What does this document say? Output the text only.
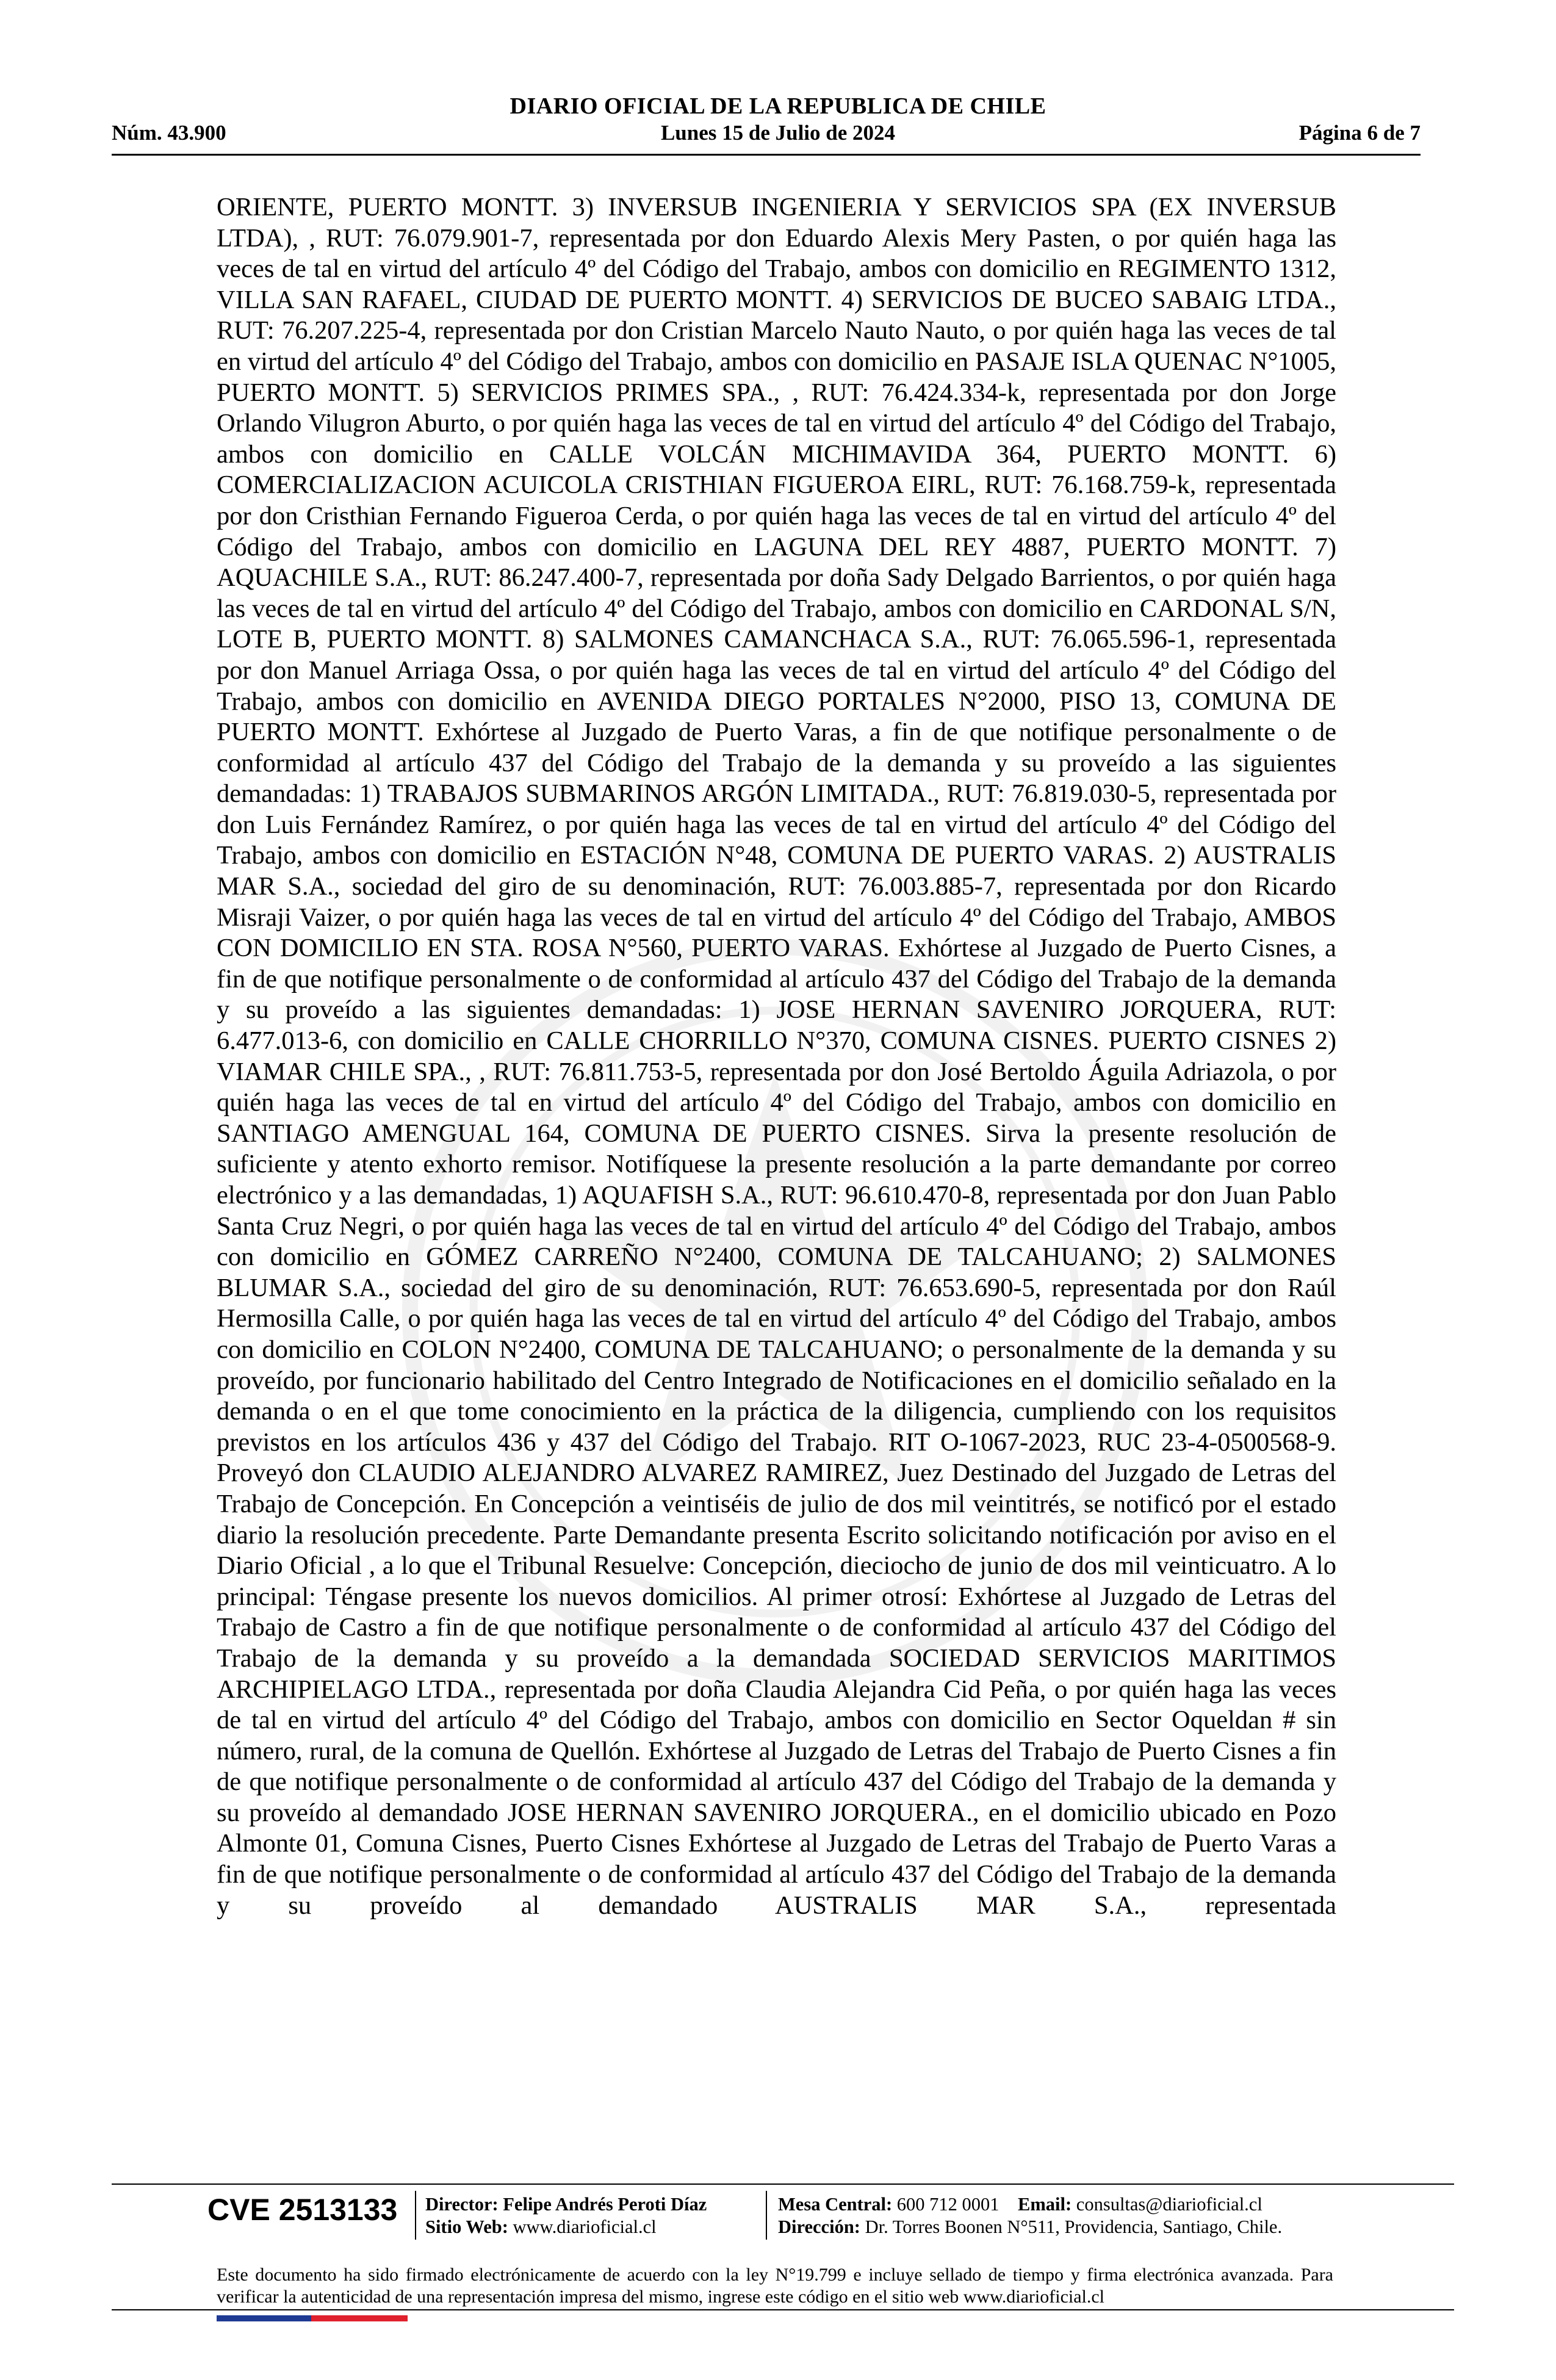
DIARIO OFICIAL DE LA REPUBLICA DE CHILE
Núm. 43.900	Lunes 15 de Julio de 2024	Página 6 de 7

ORIENTE, PUERTO MONTT. 3) INVERSUB INGENIERIA Y SERVICIOS SPA (EX INVERSUB LTDA), , RUT: 76.079.901-7, representada por don Eduardo Alexis Mery Pasten, o por quién haga las veces de tal en virtud del artículo 4º del Código del Trabajo, ambos con domicilio en REGIMENTO 1312, VILLA SAN RAFAEL, CIUDAD DE PUERTO MONTT. 4) SERVICIOS DE BUCEO SABAIG LTDA., RUT: 76.207.225-4, representada por don Cristian Marcelo Nauto Nauto, o por quién haga las veces de tal en virtud del artículo 4º del Código del Trabajo, ambos con domicilio en PASAJE ISLA QUENAC N°1005, PUERTO MONTT. 5) SERVICIOS PRIMES SPA., , RUT: 76.424.334-k, representada por don Jorge Orlando Vilugron Aburto, o por quién haga las veces de tal en virtud del artículo 4º del Código del Trabajo, ambos con domicilio en CALLE VOLCÁN MICHIMAVIDA 364, PUERTO MONTT. 6) COMERCIALIZACION ACUICOLA CRISTHIAN FIGUEROA EIRL, RUT: 76.168.759-k, representada por don Cristhian Fernando Figueroa Cerda, o por quién haga las veces de tal en virtud del artículo 4º del Código del Trabajo, ambos con domicilio en LAGUNA DEL REY 4887, PUERTO MONTT. 7) AQUACHILE S.A., RUT: 86.247.400-7, representada por doña Sady Delgado Barrientos, o por quién haga las veces de tal en virtud del artículo 4º del Código del Trabajo, ambos con domicilio en CARDONAL S/N, LOTE B, PUERTO MONTT. 8) SALMONES CAMANCHACA S.A., RUT: 76.065.596-1, representada por don Manuel Arriaga Ossa, o por quién haga las veces de tal en virtud del artículo 4º del Código del Trabajo, ambos con domicilio en AVENIDA DIEGO PORTALES N°2000, PISO 13, COMUNA DE PUERTO MONTT. Exhórtese al Juzgado de Puerto Varas, a fin de que notifique personalmente o de conformidad al artículo 437 del Código del Trabajo de la demanda y su proveído a las siguientes demandadas: 1) TRABAJOS SUBMARINOS ARGÓN LIMITADA., RUT: 76.819.030-5, representada por don Luis Fernández Ramírez, o por quién haga las veces de tal en virtud del artículo 4º del Código del Trabajo, ambos con domicilio en ESTACIÓN N°48, COMUNA DE PUERTO VARAS. 2) AUSTRALIS MAR S.A., sociedad del giro de su denominación, RUT: 76.003.885-7, representada por don Ricardo Misraji Vaizer, o por quién haga las veces de tal en virtud del artículo 4º del Código del Trabajo, AMBOS CON DOMICILIO EN STA. ROSA N°560, PUERTO VARAS. Exhórtese al Juzgado de Puerto Cisnes, a fin de que notifique personalmente o de conformidad al artículo 437 del Código del Trabajo de la demanda y su proveído a las siguientes demandadas: 1) JOSE HERNAN SAVENIRO JORQUERA, RUT: 6.477.013-6, con domicilio en CALLE CHORRILLO N°370, COMUNA CISNES. PUERTO CISNES 2) VIAMAR CHILE SPA., , RUT: 76.811.753-5, representada por don José Bertoldo Águila Adriazola, o por quién haga las veces de tal en virtud del artículo 4º del Código del Trabajo, ambos con domicilio en SANTIAGO AMENGUAL 164, COMUNA DE PUERTO CISNES. Sirva la presente resolución de suficiente y atento exhorto remisor. Notifíquese la presente resolución a la parte demandante por correo electrónico y a las demandadas, 1) AQUAFISH S.A., RUT: 96.610.470-8, representada por don Juan Pablo Santa Cruz Negri, o por quién haga las veces de tal en virtud del artículo 4º del Código del Trabajo, ambos con domicilio en GÓMEZ CARREÑO N°2400, COMUNA DE TALCAHUANO; 2) SALMONES BLUMAR S.A., sociedad del giro de su denominación, RUT: 76.653.690-5, representada por don Raúl Hermosilla Calle, o por quién haga las veces de tal en virtud del artículo 4º del Código del Trabajo, ambos con domicilio en COLON N°2400, COMUNA DE TALCAHUANO; o personalmente de la demanda y su proveído, por funcionario habilitado del Centro Integrado de Notificaciones en el domicilio señalado en la demanda o en el que tome conocimiento en la práctica de la diligencia, cumpliendo con los requisitos previstos en los artículos 436 y 437 del Código del Trabajo. RIT O-1067-2023, RUC 23-4-0500568-9. Proveyó don CLAUDIO ALEJANDRO ALVAREZ RAMIREZ, Juez Destinado del Juzgado de Letras del Trabajo de Concepción. En Concepción a veintiséis de julio de dos mil veintitrés, se notificó por el estado diario la resolución precedente. Parte Demandante presenta Escrito solicitando notificación por aviso en el Diario Oficial , a lo que el Tribunal Resuelve: Concepción, dieciocho de junio de dos mil veinticuatro. A lo principal: Téngase presente los nuevos domicilios. Al primer otrosí: Exhórtese al Juzgado de Letras del Trabajo de Castro a fin de que notifique personalmente o de conformidad al artículo 437 del Código del Trabajo de la demanda y su proveído a la demandada SOCIEDAD SERVICIOS MARITIMOS ARCHIPIELAGO LTDA., representada por doña Claudia Alejandra Cid Peña, o por quién haga las veces de tal en virtud del artículo 4º del Código del Trabajo, ambos con domicilio en Sector Oqueldan # sin número, rural, de la comuna de Quellón. Exhórtese al Juzgado de Letras del Trabajo de Puerto Cisnes a fin de que notifique personalmente o de conformidad al artículo 437 del Código del Trabajo de la demanda y su proveído al demandado JOSE HERNAN SAVENIRO JORQUERA., en el domicilio ubicado en Pozo Almonte 01, Comuna Cisnes, Puerto Cisnes Exhórtese al Juzgado de Letras del Trabajo de Puerto Varas a fin de que notifique personalmente o de conformidad al artículo 437 del Código del Trabajo de la demanda y su proveído al demandado AUSTRALIS MAR S.A., representada

CVE 2513133 Director: Felipe Andrés Peroti Díaz
Sitio Web: www.diarioficial.cl
Mesa Central: 600 712 0001 Email: consultas@diarioficial.cl
Dirección: Dr. Torres Boonen N°511, Providencia, Santiago, Chile.
Este documento ha sido firmado electrónicamente de acuerdo con la ley N°19.799 e incluye sellado de tiempo y firma electrónica avanzada. Para verificar la autenticidad de una representación impresa del mismo, ingrese este código en el sitio web www.diarioficial.cl
